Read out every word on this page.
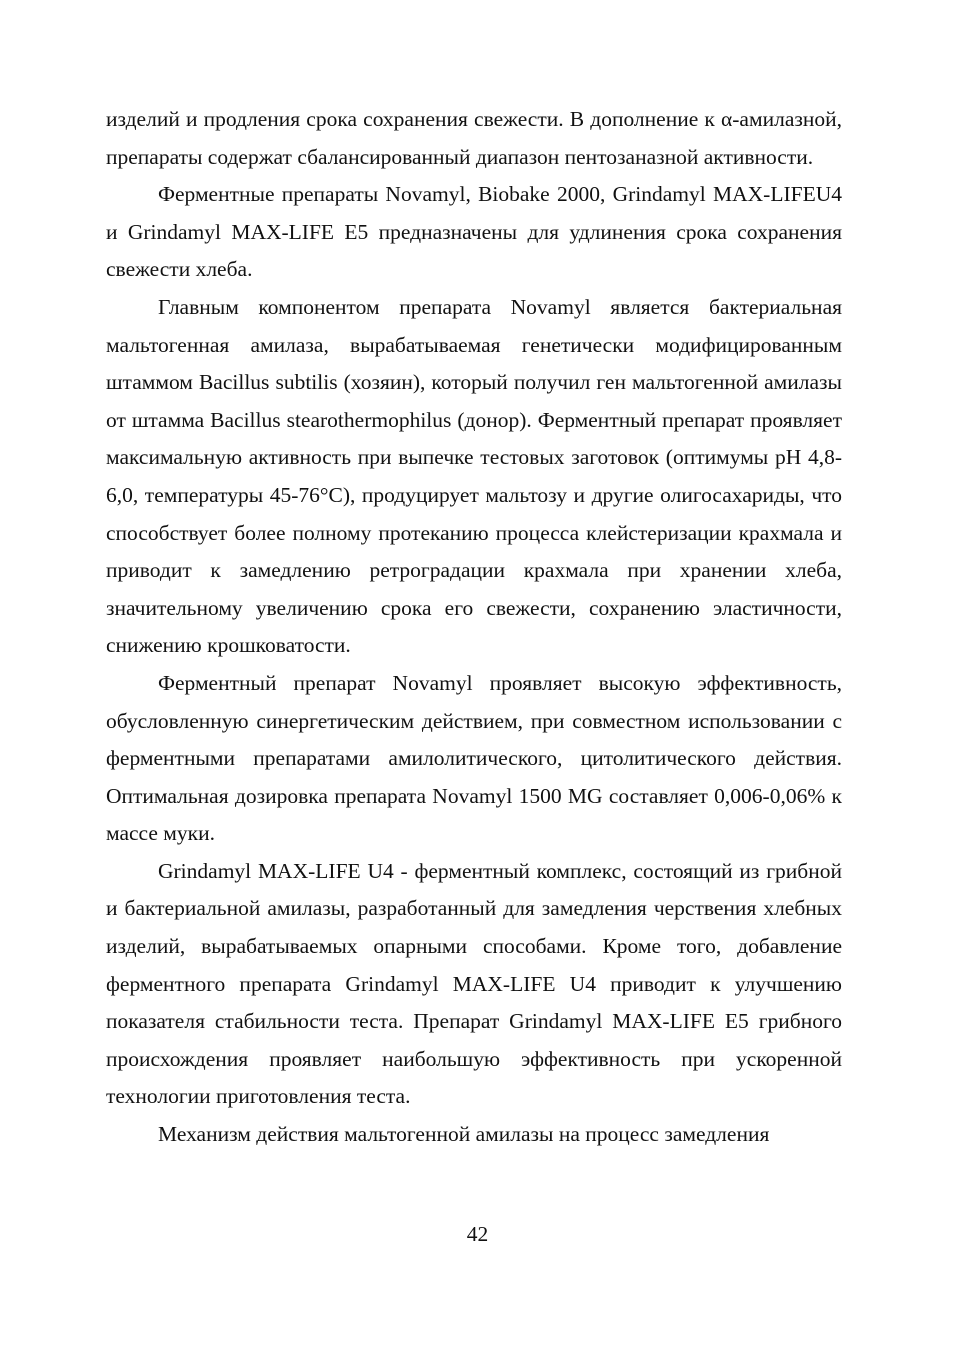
изделий и продления срока сохранения свежести. В дополнение к α-амилазной, препараты содержат сбалансированный диапазон пентозаназной активности.

Ферментные препараты Novamyl, Biobake 2000, Grindamyl MAX-LIFEU4 и Grindamyl MAX-LIFE E5 предназначены для удлинения срока сохранения свежести хлеба.

Главным компонентом препарата Novamyl является бактериальная мальтогенная амилаза, вырабатываемая генетически модифицированным штаммом Bacillus subtilis (хозяин), который получил ген мальтогенной амилазы от штамма Bacillus stearothermophilus (донор). Ферментный препарат проявляет максимальную активность при выпечке тестовых заготовок (оптимумы pH 4,8-6,0, температуры 45-76°С), продуцирует мальтозу и другие олигосахариды, что способствует более полному протеканию процесса клейстеризации крахмала и приводит к замедлению ретроградации крахмала при хранении хлеба, значительному увеличению срока его свежести, сохранению эластичности, снижению крошковатости.

Ферментный препарат Novamyl проявляет высокую эффективность, обусловленную синергетическим действием, при совместном использовании с ферментными препаратами амилолитического, цитолитического действия. Оптимальная дозировка препарата Novamyl 1500 MG составляет 0,006-0,06% к массе муки.

Grindamyl MAX-LIFE U4 - ферментный комплекс, состоящий из грибной и бактериальной амилазы, разработанный для замедления черствения хлебных изделий, вырабатываемых опарными способами. Кроме того, добавление ферментного препарата Grindamyl MAX-LIFE U4 приводит к улучшению показателя стабильности теста. Препарат Grindamyl MAX-LIFE E5 грибного происхождения проявляет наибольшую эффективность при ускоренной технологии приготовления теста.

Механизм действия мальтогенной амилазы на процесс замедления

42
